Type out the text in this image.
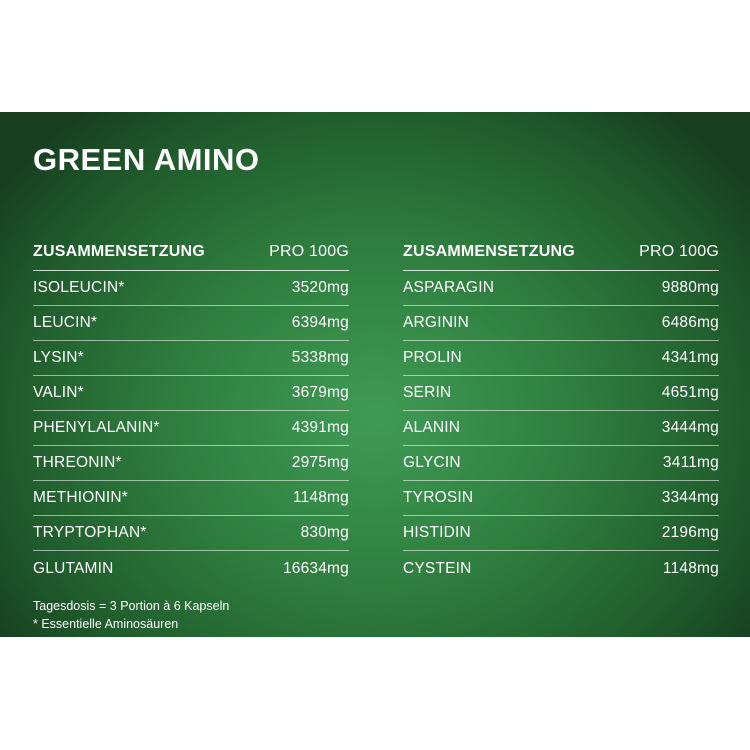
GREEN AMINO
ZUSAMMENSETZUNG	PRO 100G
ISOLEUCIN*	3520mg
LEUCIN*	6394mg
LYSIN*	5338mg
VALIN*	3679mg
PHENYLALANIN*	4391mg
THREONIN*	2975mg
METHIONIN*	1148mg
TRYPTOPHAN*	830mg
GLUTAMIN	16634mg
ZUSAMMENSETZUNG	PRO 100G
ASPARAGIN	9880mg
ARGININ	6486mg
PROLIN	4341mg
SERIN	4651mg
ALANIN	3444mg
GLYCIN	3411mg
TYROSIN	3344mg
HISTIDIN	2196mg
CYSTEIN	1148mg
Tagesdosis = 3 Portion à 6 Kapseln
* Essentielle Aminosäuren
